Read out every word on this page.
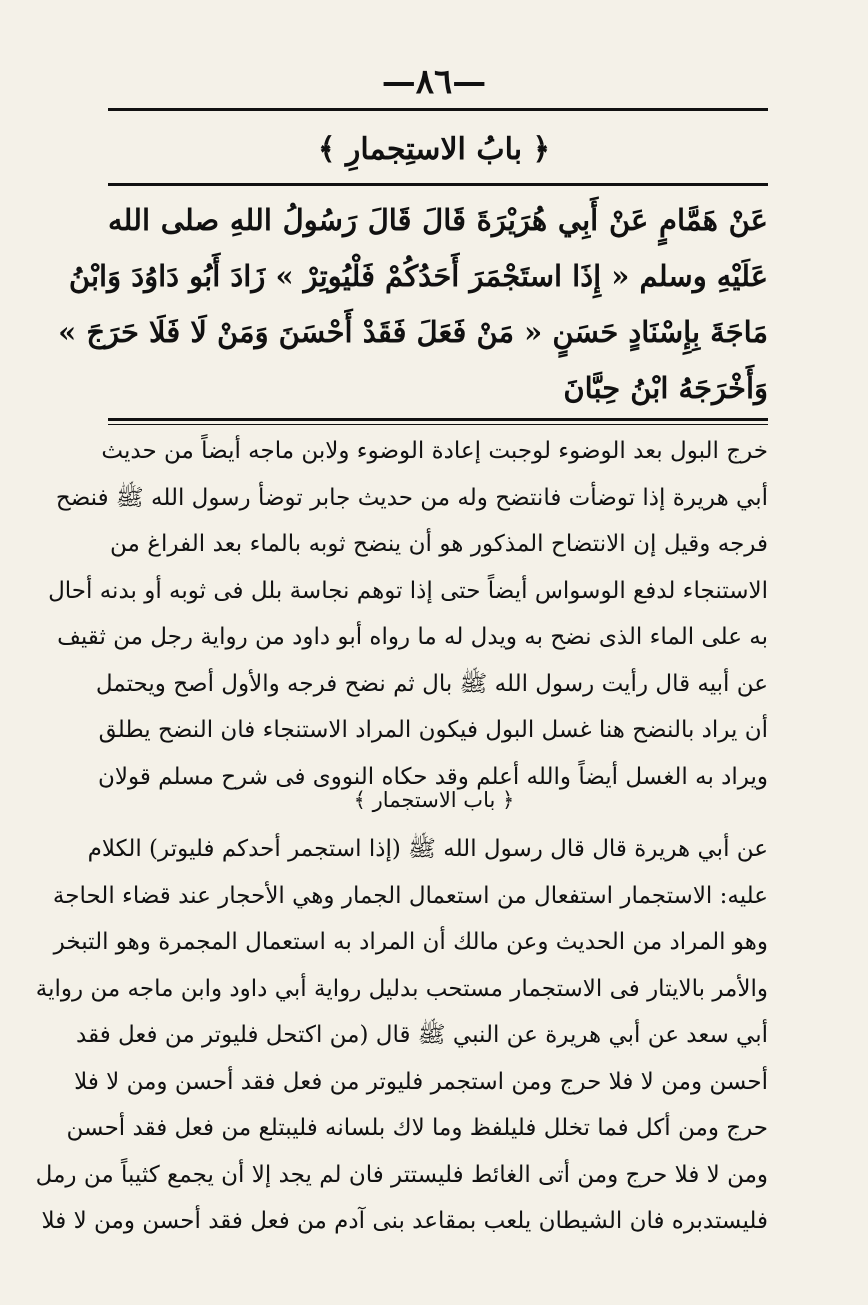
—٨٦—
﴿ بابُ الاستِجمارِ ﴾
عَنْ هَمَّامٍ عَنْ أَبِي هُرَيْرَةَ قَالَ قَالَ رَسُولُ اللهِ صلى الله
عَلَيْهِ وسلم « إِذَا استَجْمَرَ أَحَدُكُمْ فَلْيُوتِرْ » زَادَ أَبُو دَاوُدَ وَابْنُ
مَاجَةَ بِإِسْنَادٍ حَسَنٍ « مَنْ فَعَلَ فَقَدْ أَحْسَنَ وَمَنْ لَا فَلَا حَرَجَ »
وَأَخْرَجَهُ ابْنُ حِبَّانَ
خرج البول بعد الوضوء لوجبت إعادة الوضوء ولابن ماجه أيضاً من حديث
أبي هريرة إذا توضأت فانتضح وله من حديث جابر توضأ رسول الله ﷺ فنضح
فرجه وقيل إن الانتضاح المذكور هو أن ينضح ثوبه بالماء بعد الفراغ من
الاستنجاء لدفع الوسواس أيضاً حتى إذا توهم نجاسة بلل فى ثوبه أو بدنه أحال
به على الماء الذى نضح به ويدل له ما رواه أبو داود من رواية رجل من ثقيف
عن أبيه قال رأيت رسول الله ﷺ بال ثم نضح فرجه والأول أصح ويحتمل
أن يراد بالنضح هنا غسل البول فيكون المراد الاستنجاء فان النضح يطلق
ويراد به الغسل أيضاً والله أعلم وقد حكاه النووى فى شرح مسلم قولان
﴿ باب الاستجمار ﴾
عن أبي هريرة قال قال رسول الله ﷺ (إذا استجمر أحدكم فليوتر) الكلام
عليه: الاستجمار استفعال من استعمال الجمار وهي الأحجار عند قضاء الحاجة
وهو المراد من الحديث وعن مالك أن المراد به استعمال المجمرة وهو التبخر
والأمر بالايتار فى الاستجمار مستحب بدليل رواية أبي داود وابن ماجه من رواية
أبي سعد عن أبي هريرة عن النبي ﷺ قال (من اكتحل فليوتر من فعل فقد
أحسن ومن لا فلا حرج ومن استجمر فليوتر من فعل فقد أحسن ومن لا فلا
حرج ومن أكل فما تخلل فليلفظ وما لاك بلسانه فليبتلع من فعل فقد أحسن
ومن لا فلا حرج ومن أتى الغائط فليستتر فان لم يجد إلا أن يجمع كثيباً من رمل
فليستدبره فان الشيطان يلعب بمقاعد بنى آدم من فعل فقد أحسن ومن لا فلا
